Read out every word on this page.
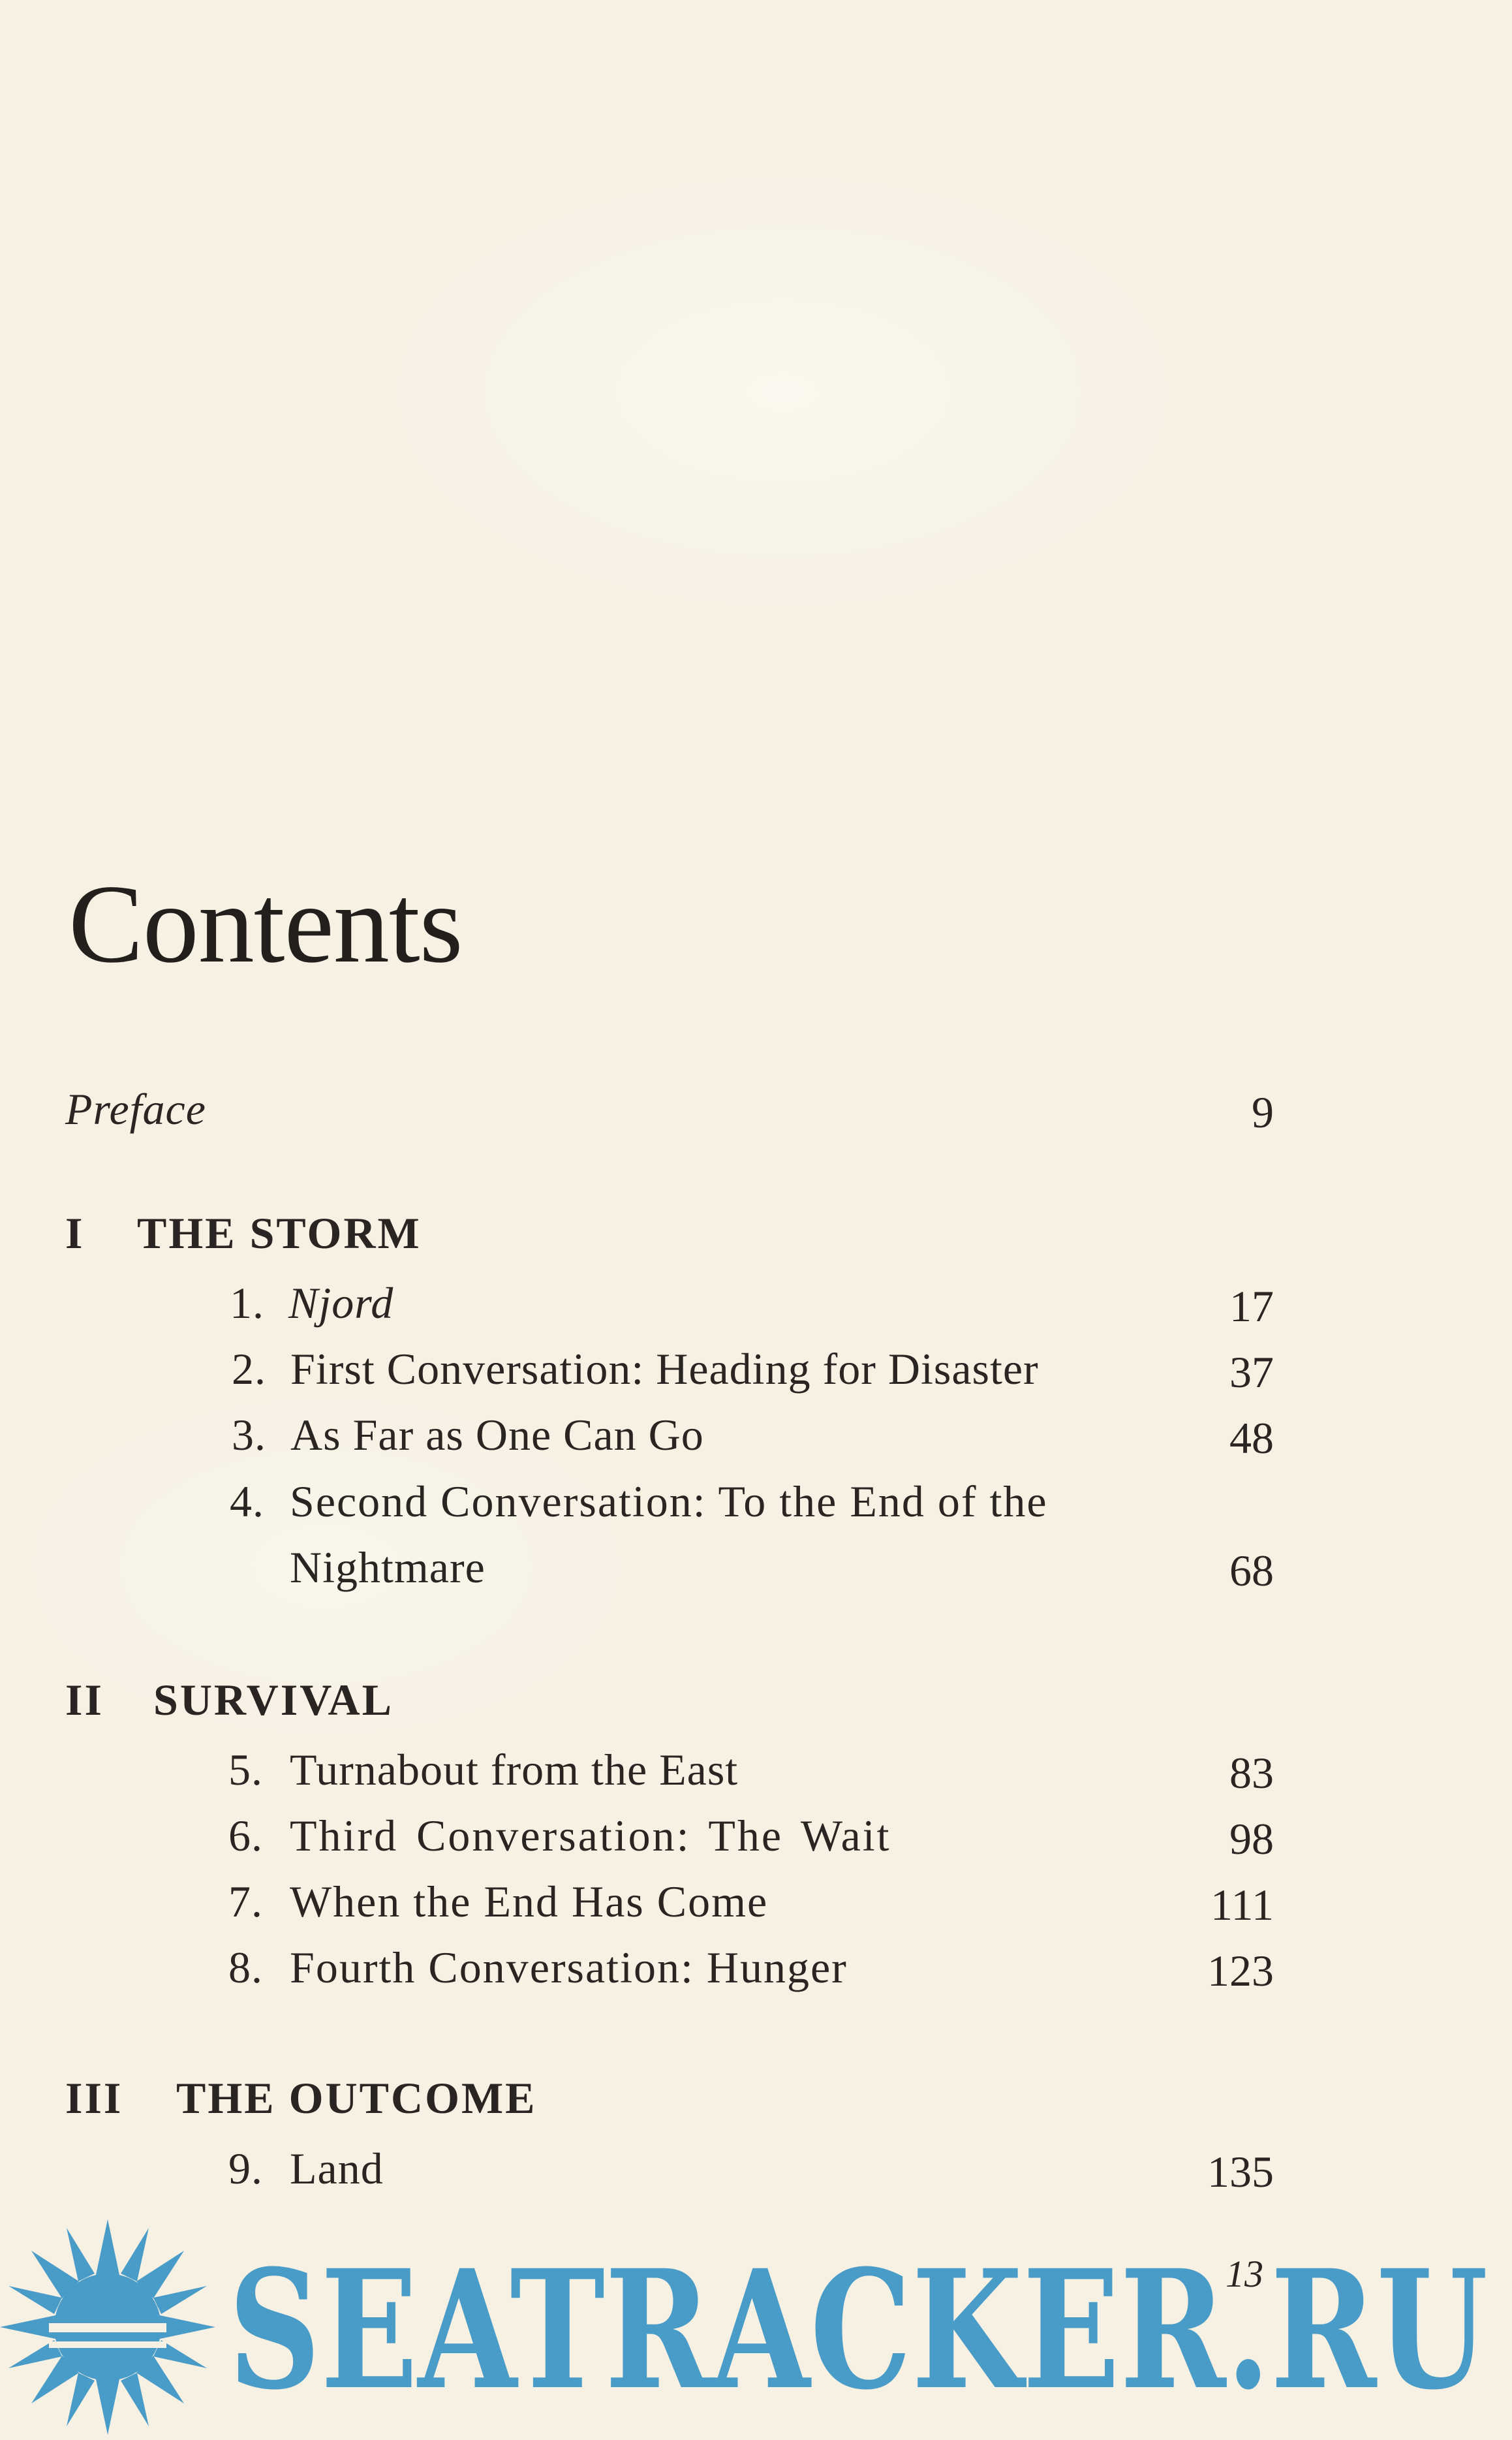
Contents
Preface	9
I THE STORM
1. Njord	17
2. First Conversation: Heading for Disaster	37
3. As Far as One Can Go	48
4. Second Conversation: To the End of the
Nightmare	68
II SURVIVAL
5. Turnabout from the East	83
6. Third Conversation: The Wait	98
7. When the End Has Come	111
8. Fourth Conversation: Hunger	123
III THE OUTCOME
9. Land	135
13
SEATRACKER.RU
